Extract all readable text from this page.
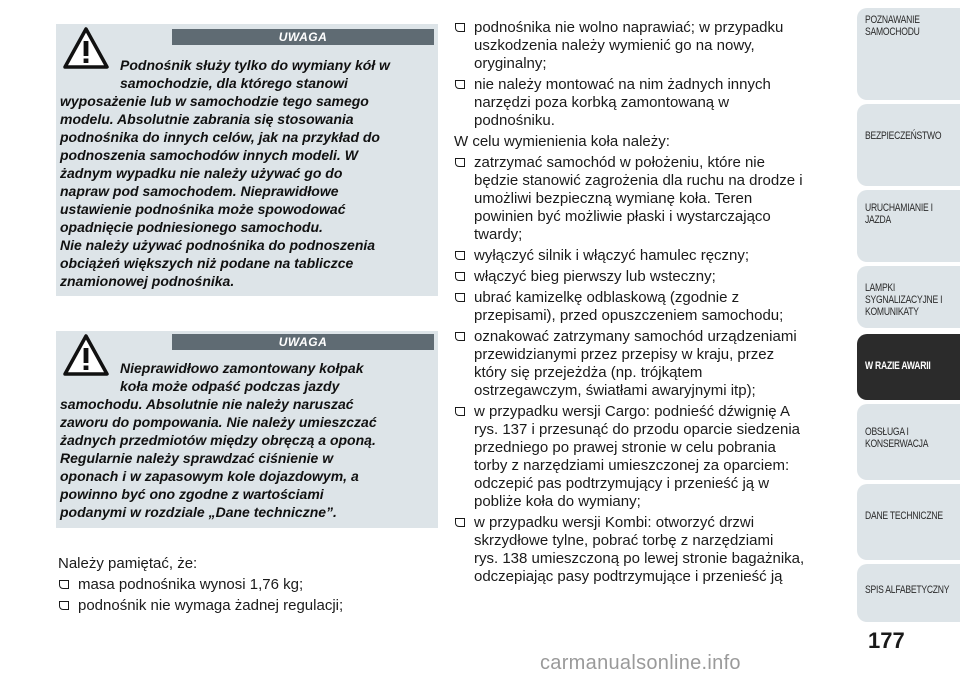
UWAGA
Podnośnik służy tylko do wymiany kół w
samochodzie, dla którego stanowi
wyposażenie lub w samochodzie tego samego
modelu. Absolutnie zabrania się stosowania
podnośnika do innych celów, jak na przykład do
podnoszenia samochodów innych modeli. W
żadnym wypadku nie należy używać go do
napraw pod samochodem. Nieprawidłowe
ustawienie podnośnika może spowodować
opadnięcie podniesionego samochodu.
Nie należy używać podnośnika do podnoszenia
obciążeń większych niż podane na tabliczce
znamionowej podnośnika.
UWAGA
Nieprawidłowo zamontowany kołpak
koła może odpaść podczas jazdy
samochodu. Absolutnie nie należy naruszać
zaworu do pompowania. Nie należy umieszczać
żadnych przedmiotów między obręczą a oponą.
Regularnie należy sprawdzać ciśnienie w
oponach i w zapasowym kole dojazdowym, a
powinno być ono zgodne z wartościami
podanymi w rozdziale „Dane techniczne”.

Należy pamiętać, że:

masa podnośnika wynosi 1,76 kg;
podnośnik nie wymaga żadnej regulacji;
podnośnika nie wolno naprawiać; w przypadku
uszkodzenia należy wymienić go na nowy,
oryginalny;
nie należy montować na nim żadnych innych
narzędzi poza korbką zamontowaną w
podnośniku.

W celu wymienienia koła należy:

zatrzymać samochód w położeniu, które nie
będzie stanowić zagrożenia dla ruchu na drodze i
umożliwi bezpieczną wymianę koła. Teren
powinien być możliwie płaski i wystarczająco
twardy;
wyłączyć silnik i włączyć hamulec ręczny;
włączyć bieg pierwszy lub wsteczny;
ubrać kamizelkę odblaskową (zgodnie z
przepisami), przed opuszczeniem samochodu;
oznakować zatrzymany samochód urządzeniami
przewidzianymi przez przepisy w kraju, przez
który się przejeżdża (np. trójkątem
ostrzegawczym, światłami awaryjnymi itp);
w przypadku wersji Cargo: podnieść dźwignię A
rys. 137 i przesunąć do przodu oparcie siedzenia
przedniego po prawej stronie w celu pobrania
torby z narzędziami umieszczonej za oparciem:
odczepić pas podtrzymujący i przenieść ją w
pobliże koła do wymiany;
w przypadku wersji Kombi: otworzyć drzwi
skrzydłowe tylne, pobrać torbę z narzędziami
rys. 138 umieszczoną po lewej stronie bagażnika,
odczepiając pasy podtrzymujące i przenieść ją
POZNAWANIE
SAMOCHODU
BEZPIECZEŃSTWO
URUCHAMIANIE I
JAZDA
LAMPKI
SYGNALIZACYJNE I
KOMUNIKATY
W RAZIE AWARII
OBSŁUGA I
KONSERWACJA
DANE TECHNICZNE
SPIS ALFABETYCZNY
177
carmanualsonline.info
